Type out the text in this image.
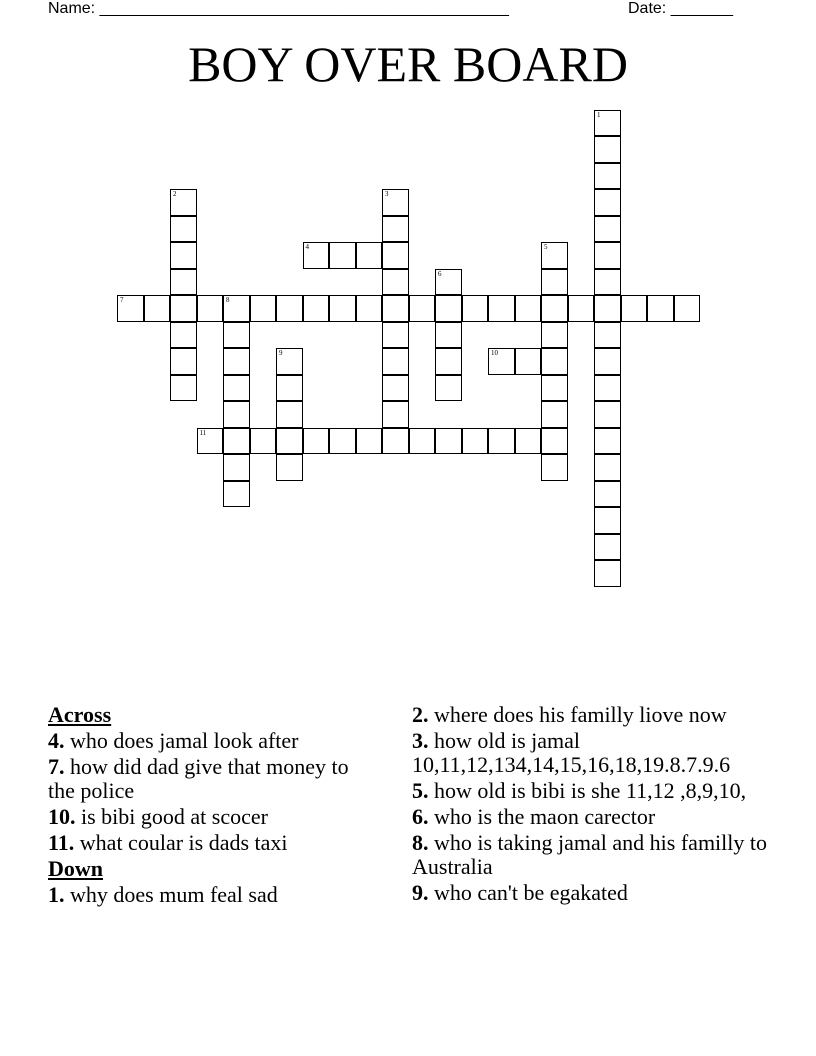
Name: ______________________________________________	Date: _______
BOY OVER BOARD
1
2	3
4	5
6
7	8
9	10
11
Across
4. who does jamal look after
7. how did dad give that money to the police
10. is bibi good at scocer
11. what coular is dads taxi
Down
1. why does mum feal sad
2. where does his familly liove now
3. how old is jamal 10,11,12,134,14,15,16,18,19.8.7.9.6
5. how old is bibi is she 11,12 ,8,9,10,
6. who is the maon carector
8. who is taking jamal and his familly to Australia
9. who can't be egakated
